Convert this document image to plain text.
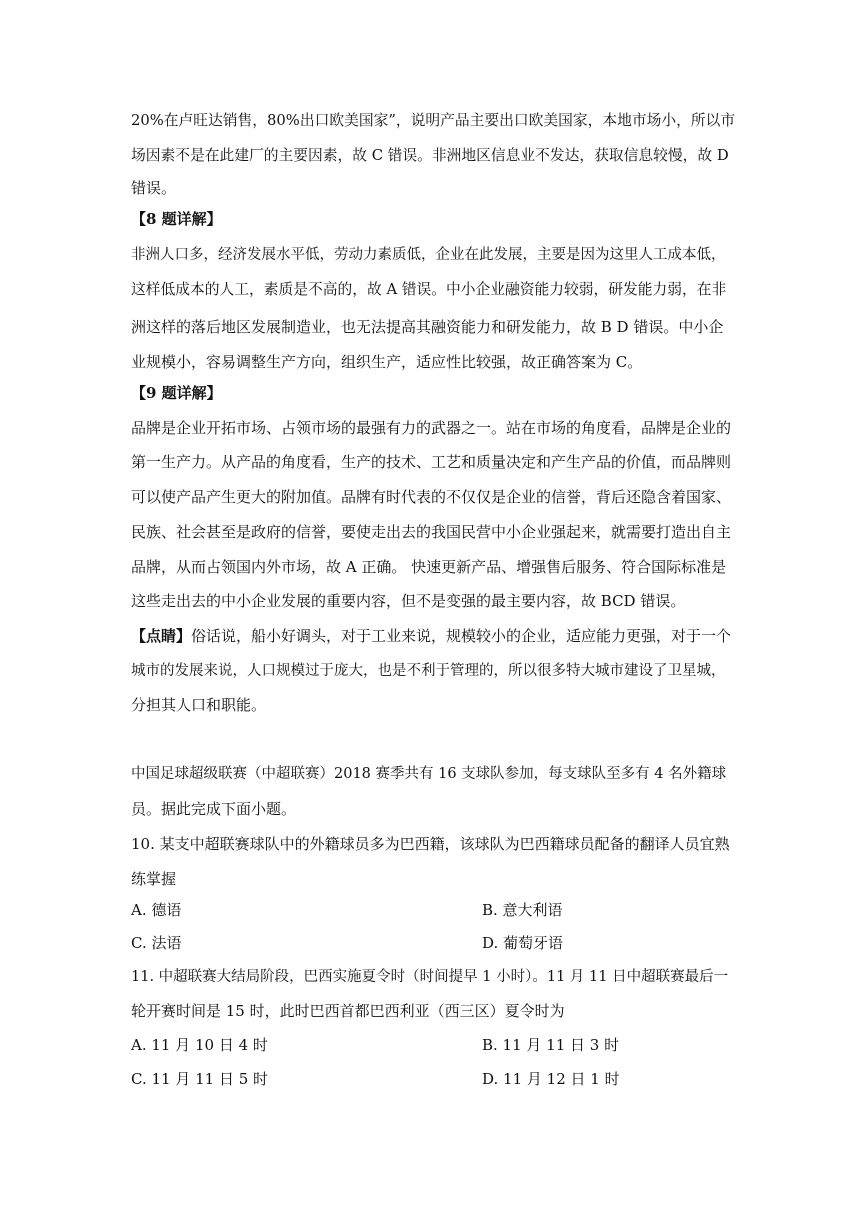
20%在卢旺达销售，80%出口欧美国家”，说明产品主要出口欧美国家，本地市场小，所以市
场因素不是在此建厂的主要因素，故 C 错误。非洲地区信息业不发达，获取信息较慢，故 D
错误。
【8 题详解】
非洲人口多，经济发展水平低，劳动力素质低，企业在此发展，主要是因为这里人工成本低，
这样低成本的人工，素质是不高的，故 A 错误。中小企业融资能力较弱，研发能力弱，在非
洲这样的落后地区发展制造业，也无法提高其融资能力和研发能力，故 B D 错误。中小企
业规模小，容易调整生产方向，组织生产，适应性比较强，故正确答案为 C。
【9 题详解】
品牌是企业开拓市场、占领市场的最强有力的武器之一。站在市场的角度看，品牌是企业的
第一生产力。从产品的角度看，生产的技术、工艺和质量决定和产生产品的价值，而品牌则
可以使产品产生更大的附加值。品牌有时代表的不仅仅是企业的信誉，背后还隐含着国家、
民族、社会甚至是政府的信誉，要使走出去的我国民营中小企业强起来，就需要打造出自主
品牌，从而占领国内外市场，故 A 正确。 快速更新产品、增强售后服务、符合国际标准是
这些走出去的中小企业发展的重要内容，但不是变强的最主要内容，故 BCD 错误。
【点睛】俗话说，船小好调头，对于工业来说，规模较小的企业，适应能力更强，对于一个
城市的发展来说，人口规模过于庞大，也是不利于管理的，所以很多特大城市建设了卫星城，
分担其人口和职能。
中国足球超级联赛（中超联赛）2018 赛季共有 16 支球队参加，每支球队至多有 4 名外籍球
员。据此完成下面小题。
10. 某支中超联赛球队中的外籍球员多为巴西籍，该球队为巴西籍球员配备的翻译人员宜熟
练掌握
A. 德语	B. 意大利语
C. 法语	D. 葡萄牙语
11. 中超联赛大结局阶段，巴西实施夏令时（时间提早 1 小时）。11 月 11 日中超联赛最后一
轮开赛时间是 15 时，此时巴西首都巴西利亚（西三区）夏令时为
A. 11 月 10 日 4 时	B. 11 月 11 日 3 时
C. 11 月 11 日 5 时	D. 11 月 12 日 1 时
